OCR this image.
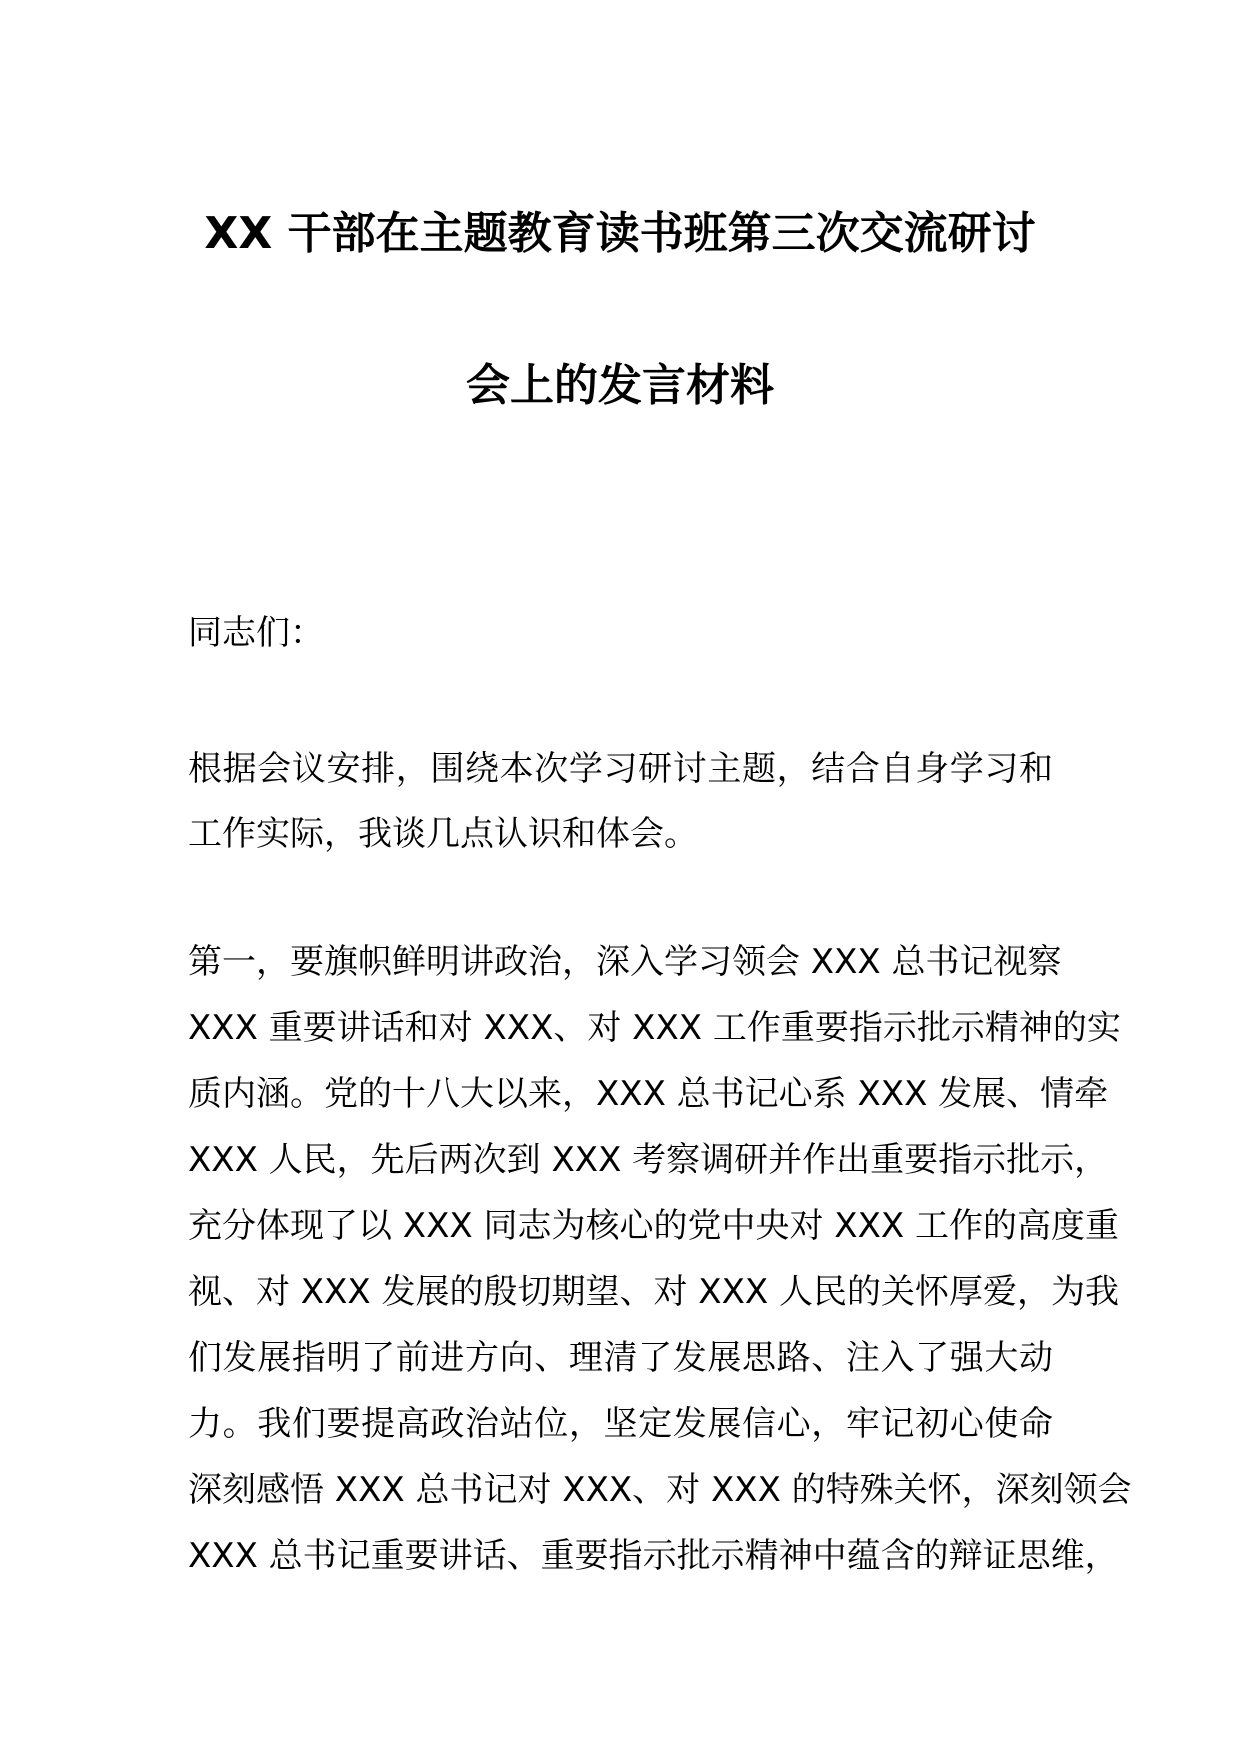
XX 干部在主题教育读书班第三次交流研讨
会上的发言材料
同志们：
根据会议安排，围绕本次学习研讨主题，结合自身学习和
工作实际，我谈几点认识和体会。
第一，要旗帜鲜明讲政治，深入学习领会 XXX 总书记视察
XXX 重要讲话和对 XXX、对 XXX 工作重要指示批示精神的实
质内涵。党的十八大以来，XXX 总书记心系 XXX 发展、情牵
XXX 人民，先后两次到 XXX 考察调研并作出重要指示批示，
充分体现了以 XXX 同志为核心的党中央对 XXX 工作的高度重
视、对 XXX 发展的殷切期望、对 XXX 人民的关怀厚爱，为我
们发展指明了前进方向、理清了发展思路、注入了强大动
力。我们要提高政治站位，坚定发展信心，牢记初心使命
深刻感悟 XXX 总书记对 XXX、对 XXX 的特殊关怀，深刻领会
XXX 总书记重要讲话、重要指示批示精神中蕴含的辩证思维，
